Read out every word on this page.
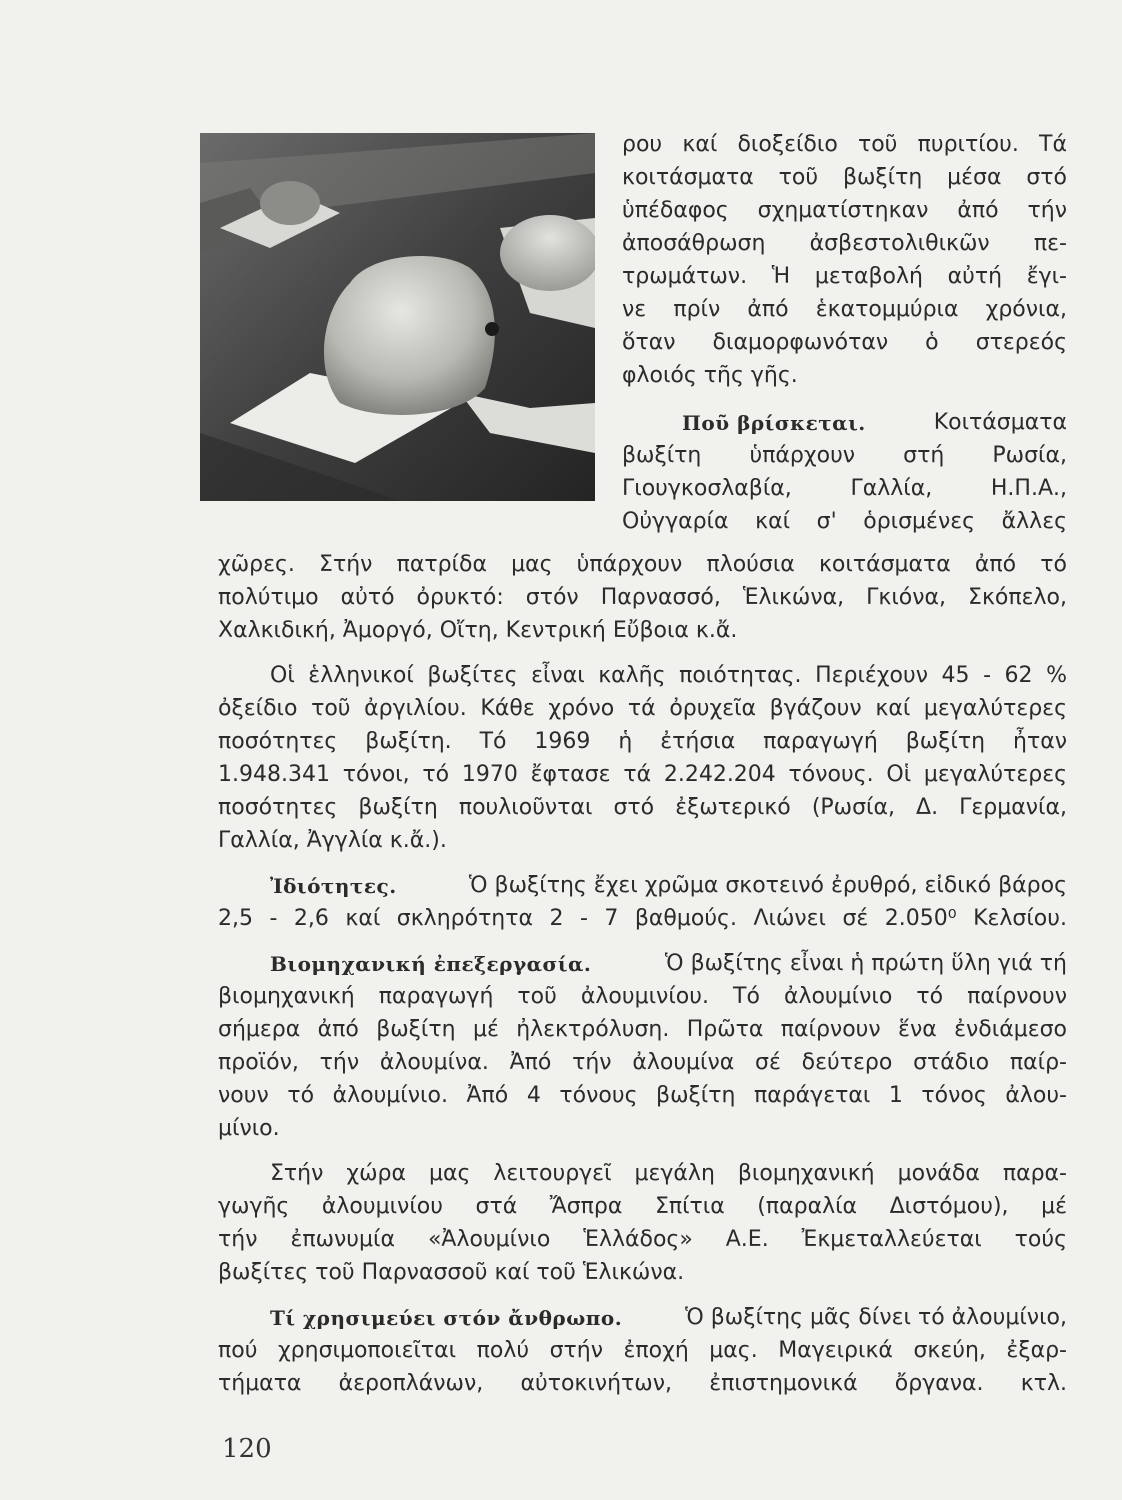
ρου καί διοξείδιο τοῦ πυριτίου. Τά
κοιτάσματα τοῦ βωξίτη μέσα στό
ὑπέδαφος σχηματίστηκαν ἀπό τήν
ἀποσάθρωση ἀσβεστολιθικῶν πε-
τρωμάτων. Ἡ μεταβολή αὐτή ἔγι-
νε πρίν ἀπό ἑκατομμύρια χρόνια,
ὅταν διαμορφωνόταν ὁ στερεός
φλοιός τῆς γῆς.
Ποῦ βρίσκεται.	Κοιτάσματα
βωξίτη ὑπάρχουν στή Ρωσία,
Γιουγκοσλαβία, Γαλλία, Η.Π.Α.,
Οὐγγαρία καί σ' ὁρισμένες ἄλλες
χῶρες. Στήν πατρίδα μας ὑπάρχουν πλούσια κοιτάσματα ἀπό τό
πολύτιμο αὐτό ὀρυκτό: στόν Παρνασσό, Ἑλικώνα, Γκιόνα, Σκόπελο,
Χαλκιδική, Ἀμοργό, Οἴτη, Κεντρική Εὔβοια κ.ἄ.
Οἱ ἑλληνικοί βωξίτες εἶναι καλῆς ποιότητας. Περιέχουν 45 - 62 %
ὀξείδιο τοῦ ἀργιλίου. Κάθε χρόνο τά ὀρυχεῖα βγάζουν καί μεγαλύτερες
ποσότητες βωξίτη. Τό 1969 ἡ ἐτήσια παραγωγή βωξίτη ἦταν
1.948.341 τόνοι, τό 1970 ἔφτασε τά 2.242.204 τόνους. Οἱ μεγαλύτερες
ποσότητες βωξίτη πουλιοῦνται στό ἐξωτερικό (Ρωσία, Δ. Γερμανία,
Γαλλία, Ἀγγλία κ.ἄ.).
Ἰδιότητες.	Ὁ βωξίτης ἔχει χρῶμα σκοτεινό ἐρυθρό, εἰδικό βάρος
2,5 - 2,6 καί σκληρότητα 2 - 7 βαθμούς. Λιώνει σέ 2.050⁰ Κελσίου.
Βιομηχανική ἐπεξεργασία.	Ὁ βωξίτης εἶναι ἡ πρώτη ὕλη γιά τή
βιομηχανική παραγωγή τοῦ ἀλουμινίου. Τό ἀλουμίνιο τό παίρνουν
σήμερα ἀπό βωξίτη μέ ἠλεκτρόλυση. Πρῶτα παίρνουν ἕνα ἐνδιάμεσο
προϊόν, τήν ἀλουμίνα. Ἀπό τήν ἀλουμίνα σέ δεύτερο στάδιο παίρ-
νουν τό ἀλουμίνιο. Ἀπό 4 τόνους βωξίτη παράγεται 1 τόνος ἀλου-
μίνιο.
Στήν χώρα μας λειτουργεῖ μεγάλη βιομηχανική μονάδα παρα-
γωγῆς ἀλουμινίου στά Ἄσπρα Σπίτια (παραλία Διστόμου), μέ
τήν ἐπωνυμία «Ἀλουμίνιο Ἑλλάδος» Α.Ε. Ἐκμεταλλεύεται τούς
βωξίτες τοῦ Παρνασσοῦ καί τοῦ Ἑλικώνα.
Τί χρησιμεύει στόν ἄνθρωπο.	Ὁ βωξίτης μᾶς δίνει τό ἀλουμίνιο,
πού χρησιμοποιεῖται πολύ στήν ἐποχή μας. Μαγειρικά σκεύη, ἐξαρ-
τήματα ἀεροπλάνων, αὐτοκινήτων, ἐπιστημονικά ὄργανα. κτλ.
120
